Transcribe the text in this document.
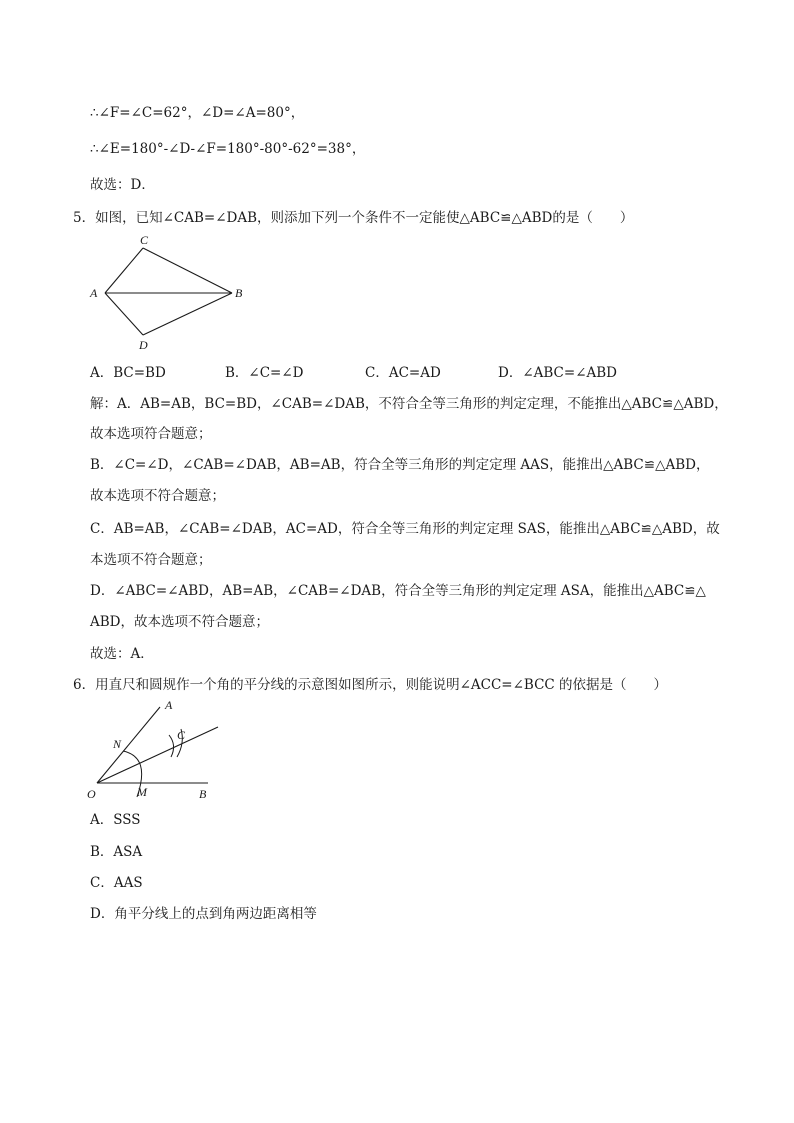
∴∠F=∠C=62°，∠D=∠A=80°，
∴∠E=180°-∠D-∠F=180°-80°-62°=38°，
故选：D．
5．如图，已知∠CAB=∠DAB，则添加下列一个条件不一定能使△ABC≌△ABD的是（　　）
C
A	B
D
A．BC=BD	B．∠C=∠D	C．AC=AD	D．∠ABC=∠ABD
解：A．AB=AB，BC=BD，∠CAB=∠DAB，不符合全等三角形的判定定理，不能推出△ABC≌△ABD，
故本选项符合题意；
B．∠C=∠D，∠CAB=∠DAB，AB=AB，符合全等三角形的判定定理 AAS，能推出△ABC≌△ABD，
故本选项不符合题意；
C．AB=AB，∠CAB=∠DAB，AC=AD，符合全等三角形的判定定理 SAS，能推出△ABC≌△ABD，故
本选项不符合题意；
D．∠ABC=∠ABD，AB=AB，∠CAB=∠DAB，符合全等三角形的判定定理 ASA，能推出△ABC≌△
ABD，故本选项不符合题意；
故选：A．
6．用直尺和圆规作一个角的平分线的示意图如图所示，则能说明∠ACC=∠BCC 的依据是（　　）
A
N
C
O	M	B
A．SSS
B．ASA
C．AAS
D．角平分线上的点到角两边距离相等
